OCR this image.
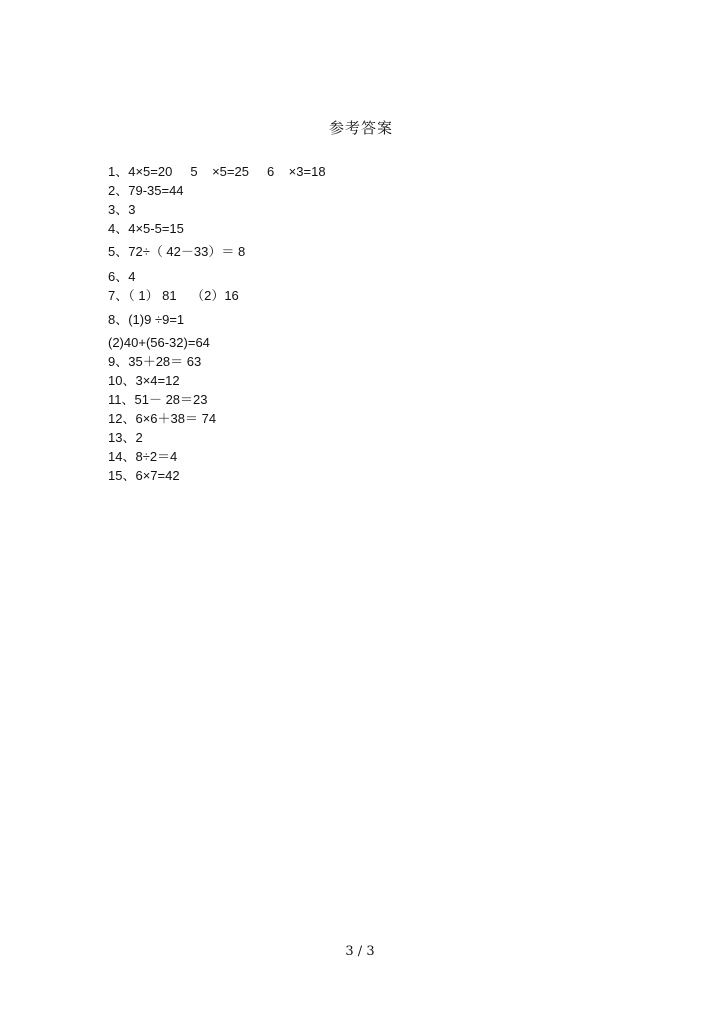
参考答案
1、4×5=20     5    ×5=25     6    ×3=18
2、79-35=44
3、3
4、4×5-5=15
5、72÷（ 42－33）＝ 8
6、4
7、（ 1） 81    （2）16
8、(1)9 ÷9=1
(2)40+(56-32)=64
9、35＋28＝ 63
10、3×4=12
11、51－ 28＝23
12、6×6＋38＝ 74
13、2
14、8÷2＝4
15、6×7=42
3 / 3
